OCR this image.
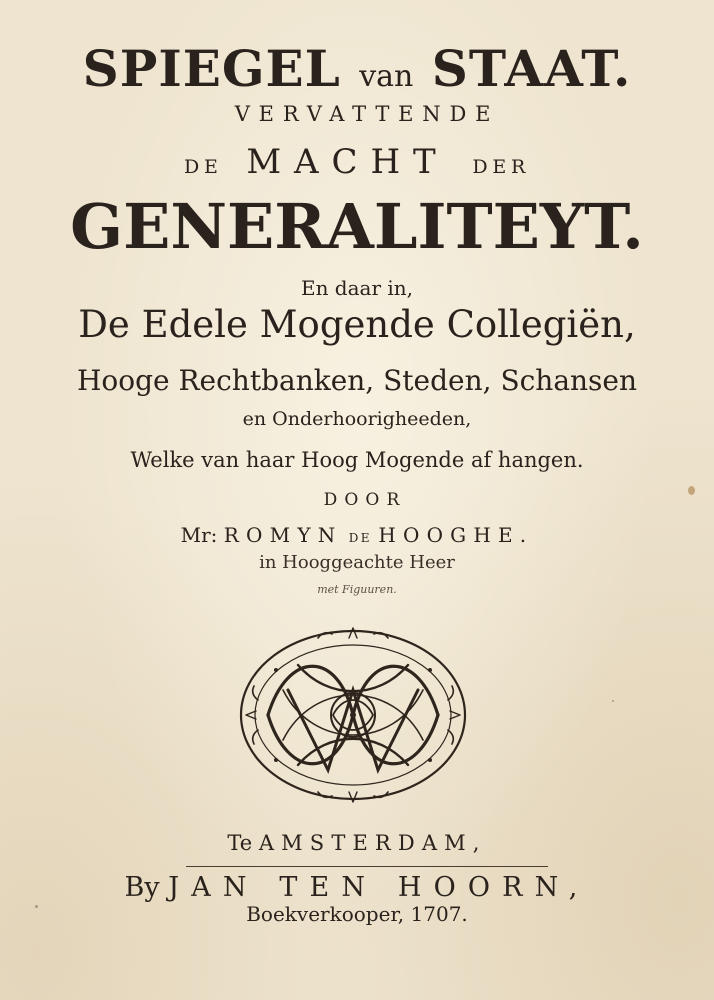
SPIEGEL van STAAT.
VERVATTENDE
DE MACHT DER
GENERALITEYT.
En daar in,
De Edele Mogende Collegiën,
Hooge Rechtbanken, Steden, Schansen
en Onderhoorigheeden,
Welke van haar Hoog Mogende af hangen.
DOOR
Mr: ROMYN DE HOOGHE.
in Hooggeachte Heer
met Figuuren.
Te AMSTERDAM,
By JAN TEN HOORN,
Boekverkooper, 1707.
